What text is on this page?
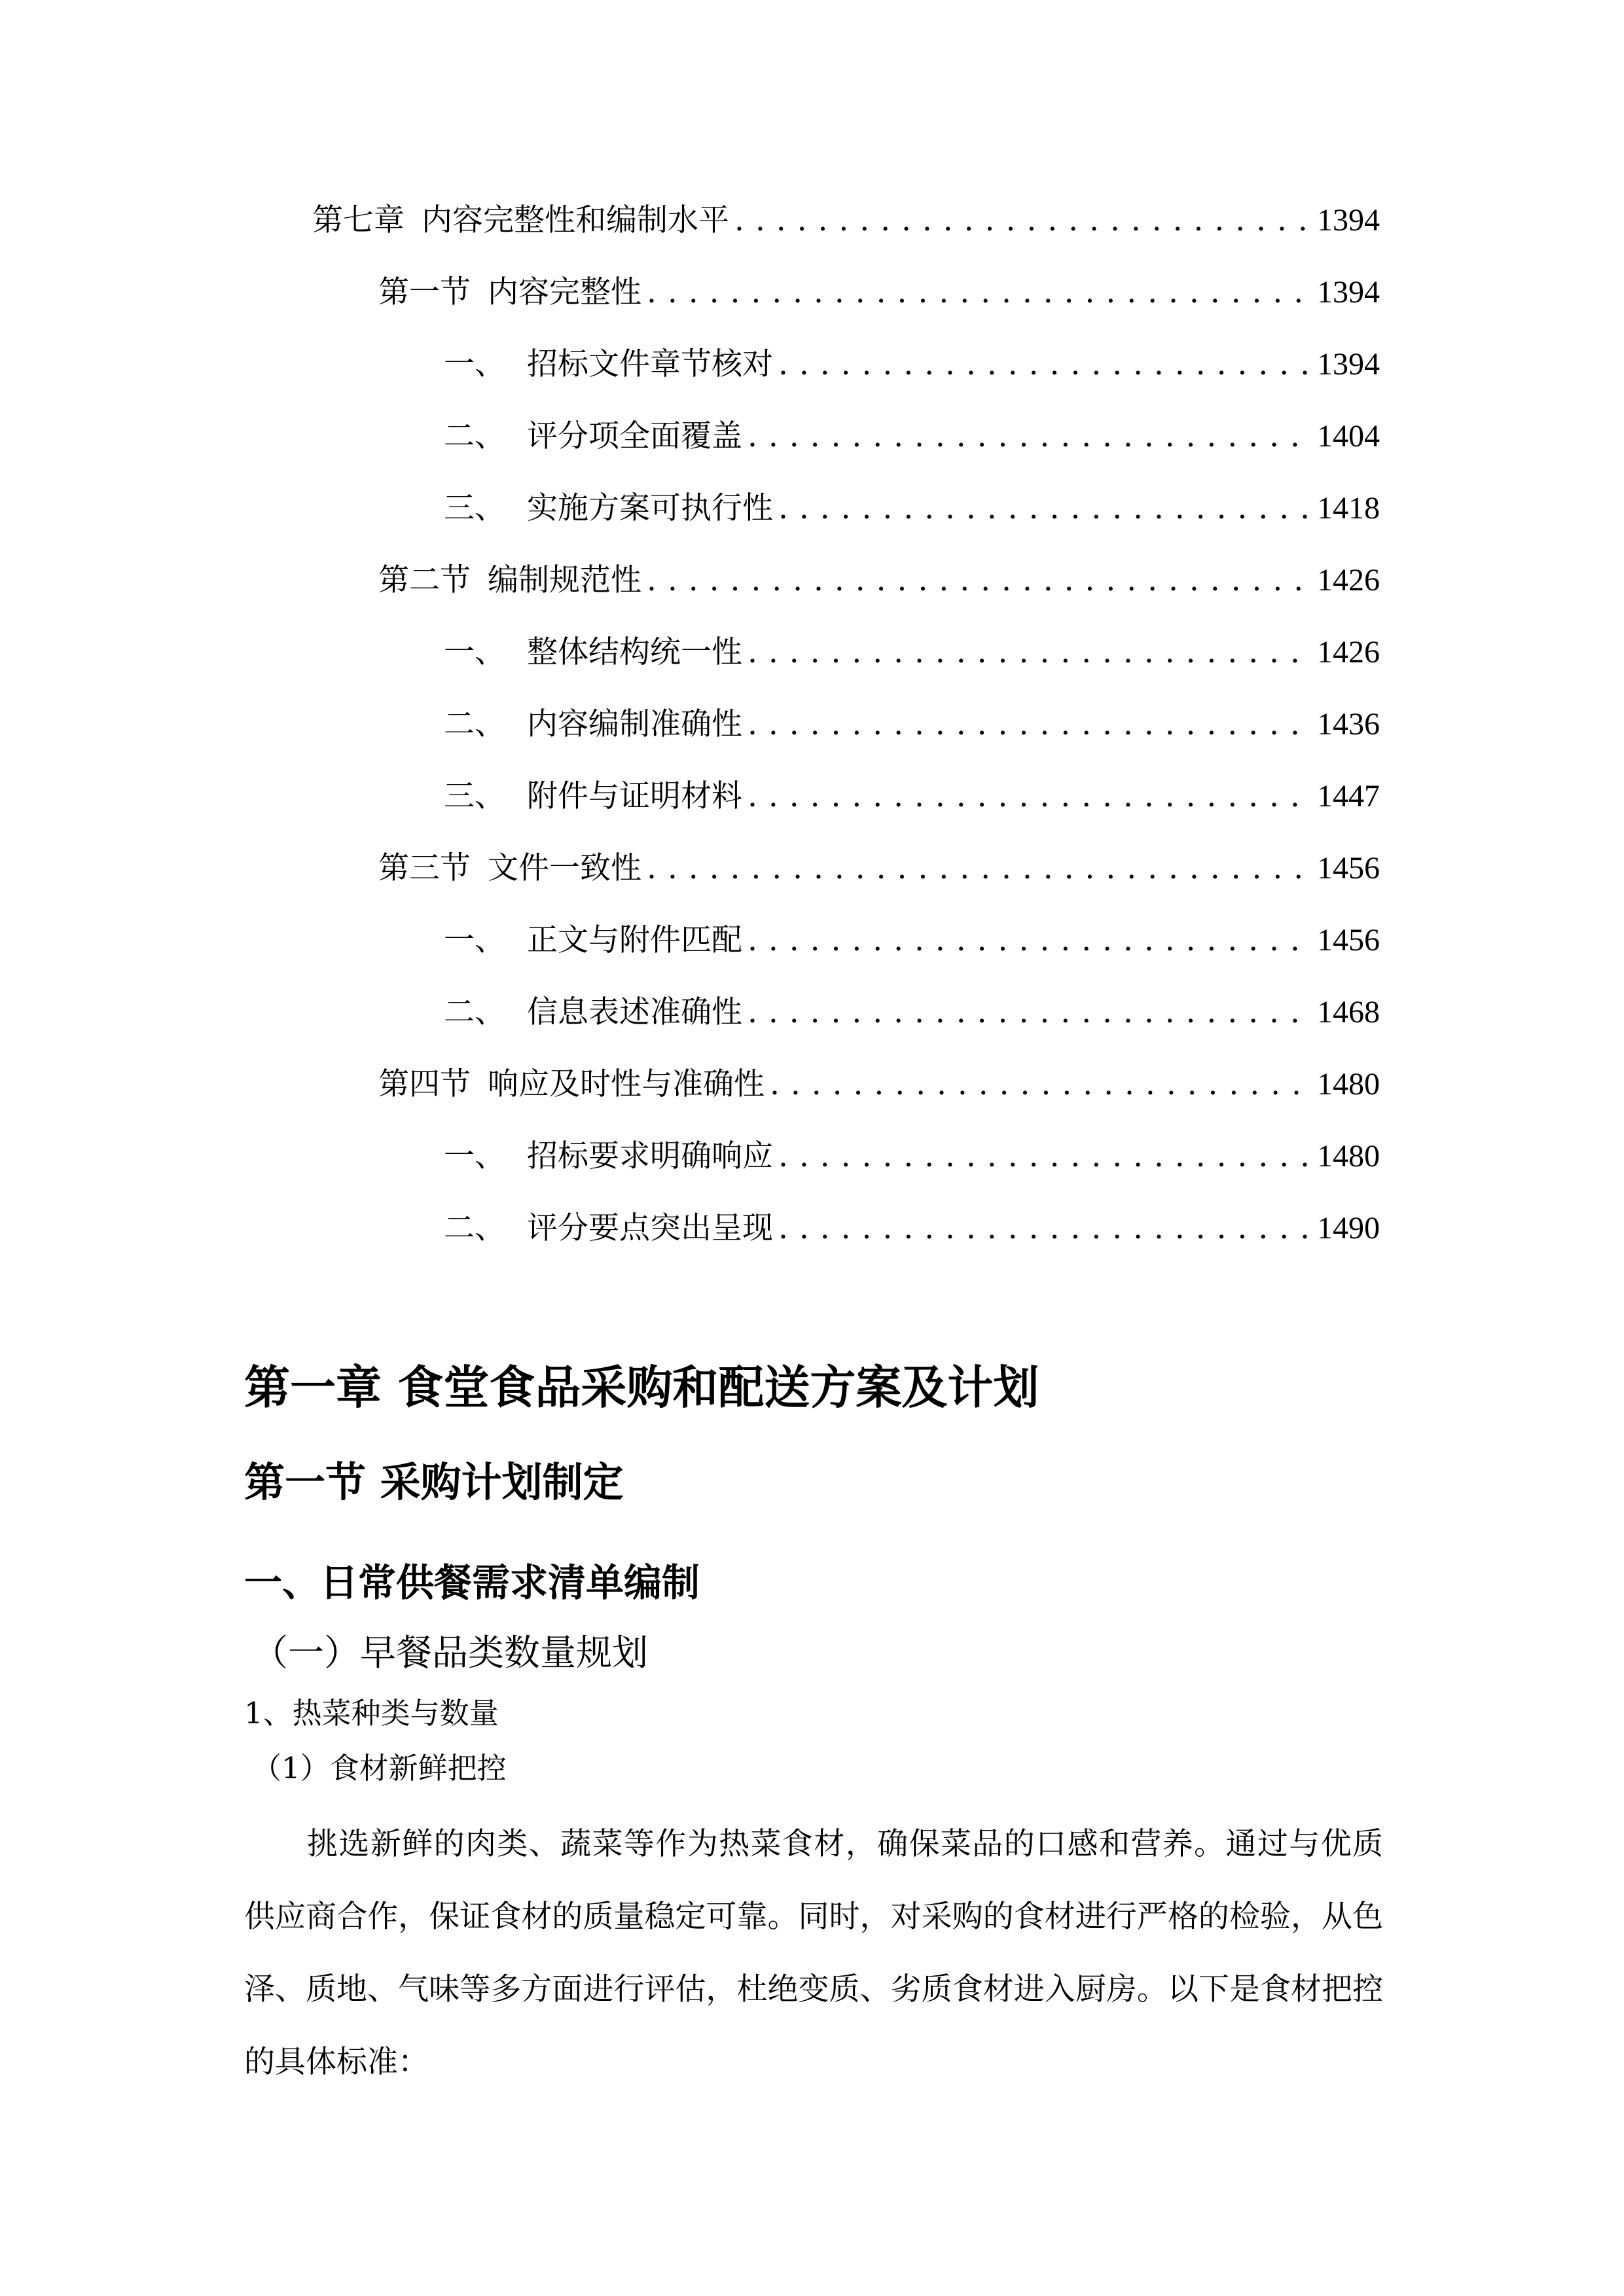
第七章 内容完整性和编制水平 . . .	1394
第一节 内容完整性 . . .	1394
一、 招标文件章节核对 . . .	1394
二、 评分项全面覆盖 . . .	1404
三、 实施方案可执行性 . . .	1418
第二节 编制规范性 . . .	1426
一、 整体结构统一性 . . .	1426
二、 内容编制准确性 . . .	1436
三、 附件与证明材料 . . .	1447
第三节 文件一致性 . . .	1456
一、 正文与附件匹配 . . .	1456
二、 信息表述准确性 . . .	1468
第四节 响应及时性与准确性 . . .	1480
一、 招标要求明确响应 . . .	1480
二、 评分要点突出呈现 . . .	1490
第一章 食堂食品采购和配送方案及计划
第一节 采购计划制定
一、日常供餐需求清单编制
（一）早餐品类数量规划
1、热菜种类与数量
（1）食材新鲜把控

挑选新鲜的肉类、蔬菜等作为热菜食材，确保菜品的口感和营养。通过与优质供应商合作，保证食材的质量稳定可靠。同时，对采购的食材进行严格的检验，从色泽、质地、气味等多方面进行评估，杜绝变质、劣质食材进入厨房。以下是食材把控的具体标准：
